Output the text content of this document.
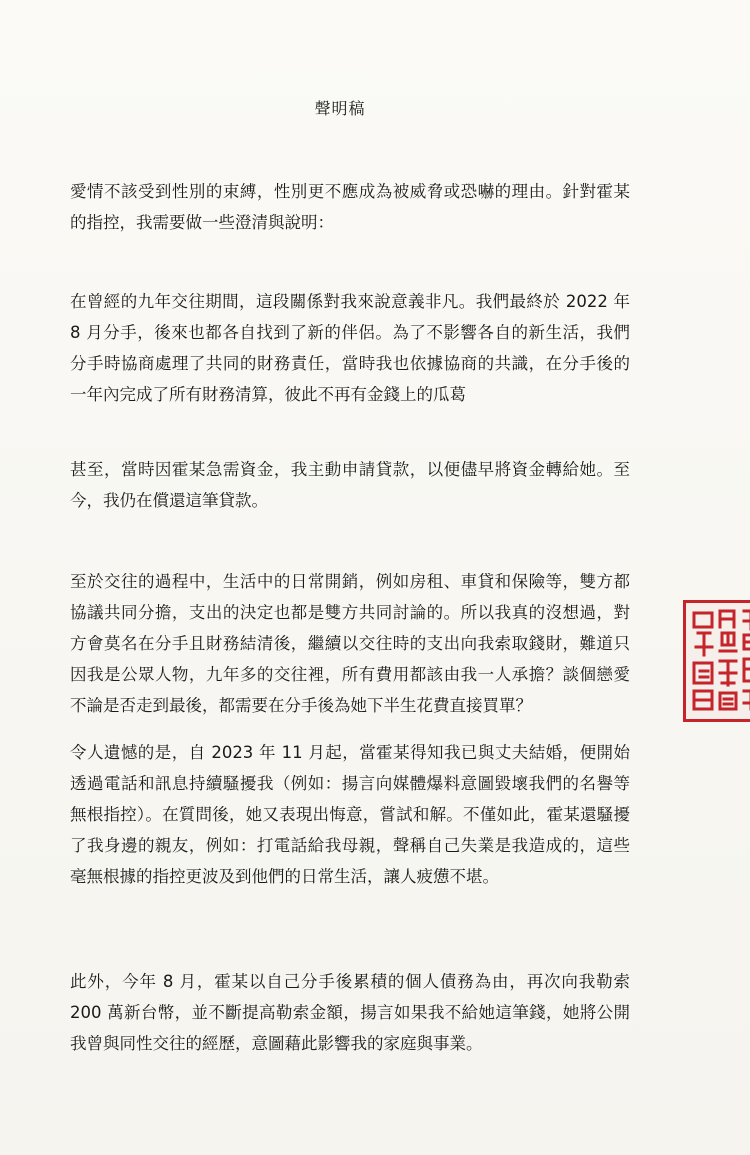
聲明稿

愛情不該受到性別的束縛，性別更不應成為被威脅或恐嚇的理由。針對霍某的指控，我需要做一些澄清與說明：

在曾經的九年交往期間，這段關係對我來說意義非凡。我們最終於 2022 年 8 月分手，後來也都各自找到了新的伴侶。為了不影響各自的新生活，我們分手時協商處理了共同的財務責任，當時我也依據協商的共識，在分手後的一年內完成了所有財務清算，彼此不再有金錢上的瓜葛

甚至，當時因霍某急需資金，我主動申請貸款，以便儘早將資金轉給她。至今，我仍在償還這筆貸款。

至於交往的過程中，生活中的日常開銷，例如房租、車貸和保險等，雙方都協議共同分擔，支出的決定也都是雙方共同討論的。所以我真的沒想過，對方會莫名在分手且財務結清後，繼續以交往時的支出向我索取錢財，難道只因我是公眾人物，九年多的交往裡，所有費用都該由我一人承擔？談個戀愛不論是否走到最後，都需要在分手後為她下半生花費直接買單？

令人遺憾的是，自 2023 年 11 月起，當霍某得知我已與丈夫結婚，便開始透過電話和訊息持續騷擾我（例如：揚言向媒體爆料意圖毀壞我們的名譽等無根指控）。在質問後，她又表現出悔意，嘗試和解。不僅如此，霍某還騷擾了我身邊的親友，例如：打電話給我母親，聲稱自己失業是我造成的，這些毫無根據的指控更波及到他們的日常生活，讓人疲憊不堪。

此外，今年 8 月，霍某以自己分手後累積的個人債務為由，再次向我勒索 200 萬新台幣，並不斷提高勒索金額，揚言如果我不給她這筆錢，她將公開我曾與同性交往的經歷，意圖藉此影響我的家庭與事業。
